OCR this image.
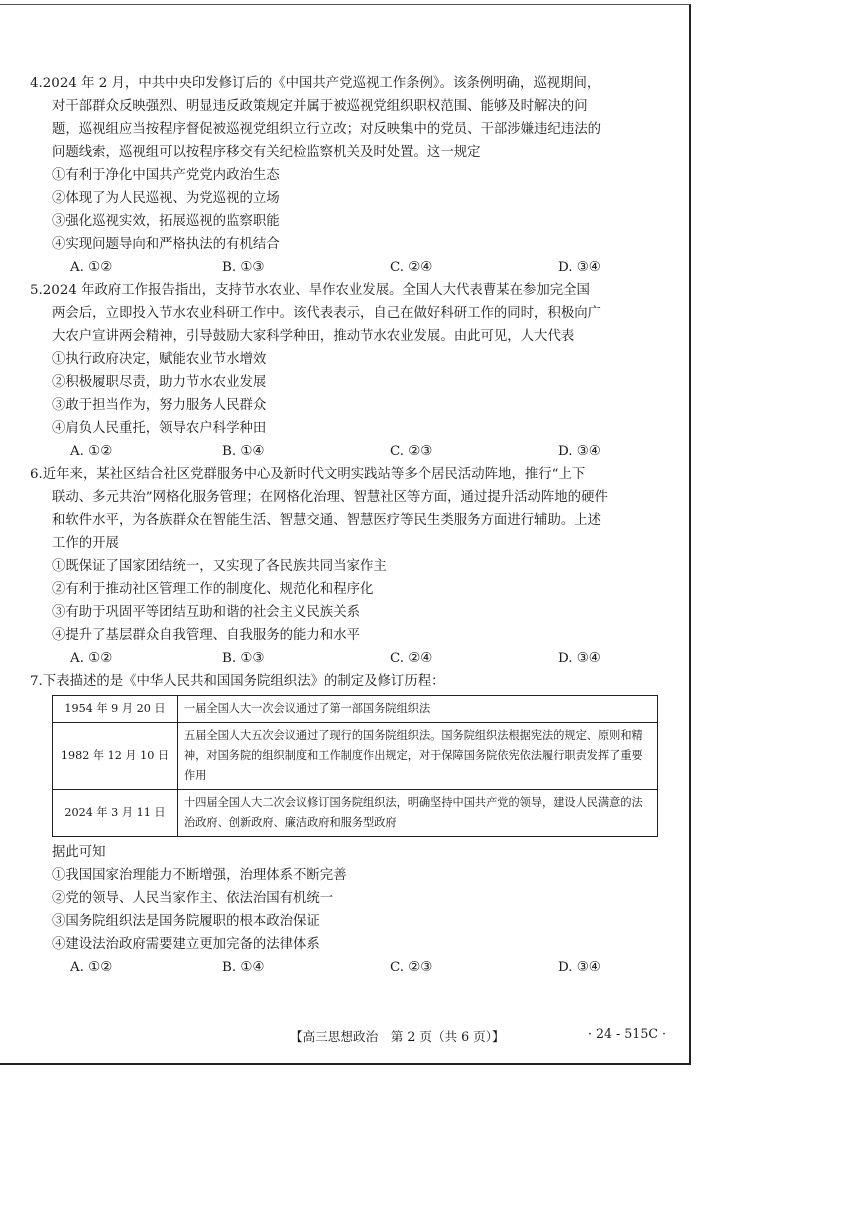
4.2024 年 2 月，中共中央印发修订后的《中国共产党巡视工作条例》。该条例明确，巡视期间，
对干部群众反映强烈、明显违反政策规定并属于被巡视党组织职权范围、能够及时解决的问
题，巡视组应当按程序督促被巡视党组织立行立改；对反映集中的党员、干部涉嫌违纪违法的
问题线索，巡视组可以按程序移交有关纪检监察机关及时处置。这一规定
①有利于净化中国共产党党内政治生态
②体现了为人民巡视、为党巡视的立场
③强化巡视实效，拓展巡视的监察职能
④实现问题导向和严格执法的有机结合
A. ①②	B. ①③	C. ②④	D. ③④
5.2024 年政府工作报告指出，支持节水农业、旱作农业发展。全国人大代表曹某在参加完全国
两会后，立即投入节水农业科研工作中。该代表表示，自己在做好科研工作的同时，积极向广
大农户宣讲两会精神，引导鼓励大家科学种田，推动节水农业发展。由此可见，人大代表
①执行政府决定，赋能农业节水增效
②积极履职尽责，助力节水农业发展
③敢于担当作为，努力服务人民群众
④肩负人民重托，领导农户科学种田
A. ①②	B. ①④	C. ②③	D. ③④
6.近年来，某社区结合社区党群服务中心及新时代文明实践站等多个居民活动阵地，推行“上下
联动、多元共治”网格化服务管理；在网格化治理、智慧社区等方面，通过提升活动阵地的硬件
和软件水平，为各族群众在智能生活、智慧交通、智慧医疗等民生类服务方面进行辅助。上述
工作的开展
①既保证了国家团结统一，又实现了各民族共同当家作主
②有利于推动社区管理工作的制度化、规范化和程序化
③有助于巩固平等团结互助和谐的社会主义民族关系
④提升了基层群众自我管理、自我服务的能力和水平
A. ①②	B. ①③	C. ②④	D. ③④
7.下表描述的是《中华人民共和国国务院组织法》的制定及修订历程：
1954 年 9 月 20 日	一届全国人大一次会议通过了第一部国务院组织法
1982 年 12 月 10 日	五届全国人大五次会议通过了现行的国务院组织法。国务院组织法根据宪法的规定、原则和精神，对国务院的组织制度和工作制度作出规定，对于保障国务院依宪依法履行职责发挥了重要作用
2024 年 3 月 11 日	十四届全国人大二次会议修订国务院组织法，明确坚持中国共产党的领导，建设人民满意的法治政府、创新政府、廉洁政府和服务型政府
据此可知
①我国国家治理能力不断增强，治理体系不断完善
②党的领导、人民当家作主、依法治国有机统一
③国务院组织法是国务院履职的根本政治保证
④建设法治政府需要建立更加完备的法律体系
A. ①②	B. ①④	C. ②③	D. ③④
【高三思想政治　第 2 页（共 6 页）】	· 24 - 515C ·
